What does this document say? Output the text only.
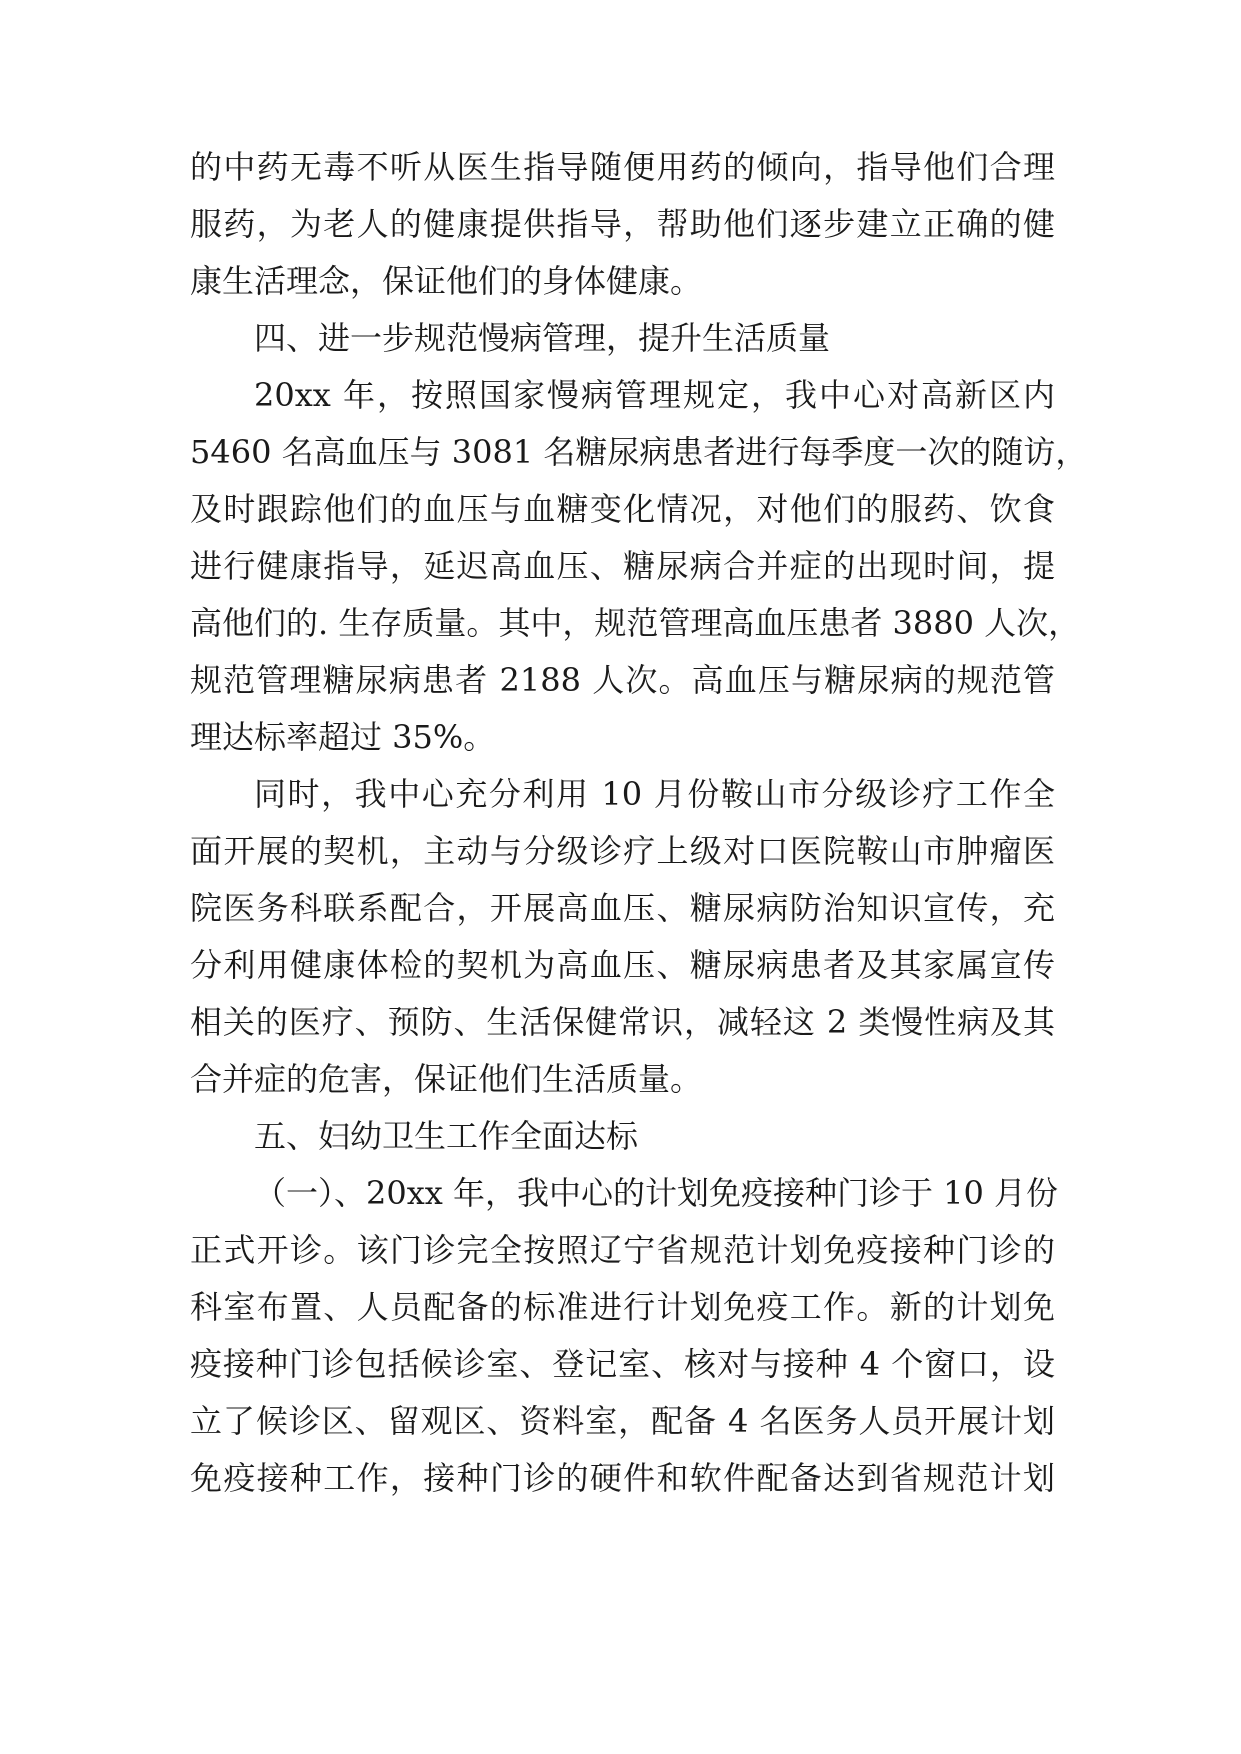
的中药无毒不听从医生指导随便用药的倾向，指导他们合理
服药，为老人的健康提供指导，帮助他们逐步建立正确的健
康生活理念，保证他们的身体健康。
四、进一步规范慢病管理，提升生活质量
20xx 年，按照国家慢病管理规定，我中心对高新区内
5460 名高血压与 3081 名糖尿病患者进行每季度一次的随访，
及时跟踪他们的血压与血糖变化情况，对他们的服药、饮食
进行健康指导，延迟高血压、糖尿病合并症的出现时间，提
高他们的. 生存质量。其中，规范管理高血压患者 3880 人次，
规范管理糖尿病患者 2188 人次。高血压与糖尿病的规范管
理达标率超过 35%。
同时，我中心充分利用 10 月份鞍山市分级诊疗工作全
面开展的契机，主动与分级诊疗上级对口医院鞍山市肿瘤医
院医务科联系配合，开展高血压、糖尿病防治知识宣传，充
分利用健康体检的契机为高血压、糖尿病患者及其家属宣传
相关的医疗、预防、生活保健常识，减轻这 2 类慢性病及其
合并症的危害，保证他们生活质量。
五、妇幼卫生工作全面达标
（一）、20xx 年，我中心的计划免疫接种门诊于 10 月份
正式开诊。该门诊完全按照辽宁省规范计划免疫接种门诊的
科室布置、人员配备的标准进行计划免疫工作。新的计划免
疫接种门诊包括候诊室、登记室、核对与接种 4 个窗口，设
立了候诊区、留观区、资料室，配备 4 名医务人员开展计划
免疫接种工作，接种门诊的硬件和软件配备达到省规范计划
